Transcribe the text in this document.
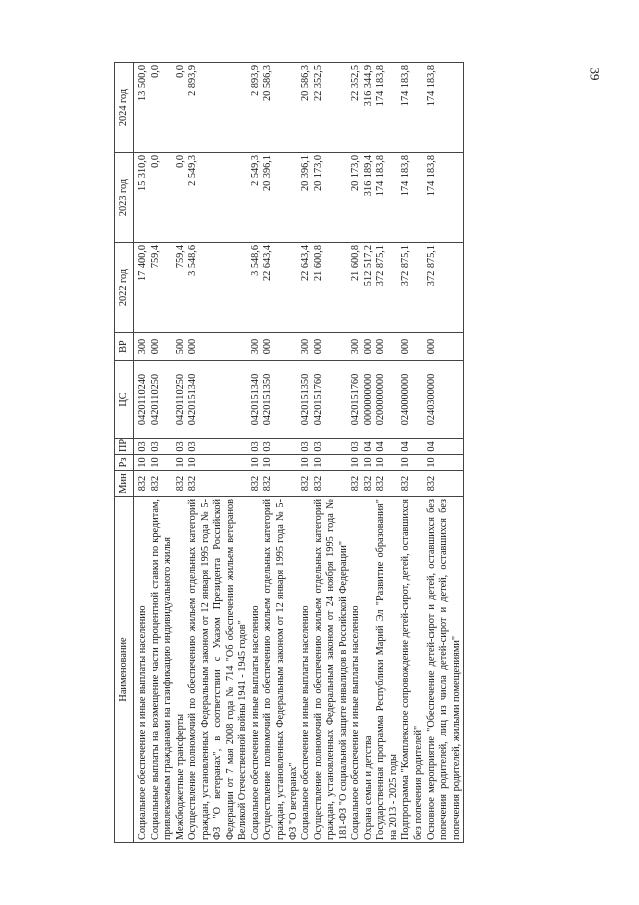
39
Наименование	Мин	Рз	ПР	ЦС	ВР	2022 год	2023 год	2024 год
Социальное обеспечение и иные выплаты населению	832	10	03	0420110240	300	17 400,0	15 310,0	13 500,0
Социальные выплаты на возмещение части процентной ставки по кредитам, привлекаемым гражданами на газификацию индивидуального жилья	832	10	03	0420110250	000	759,4	0,0	0,0
Межбюджетные трансферты	832	10	03	0420110250	500	759,4	0,0	0,0
Осуществление полномочий по обеспечению жильем отдельных категорий граждан, установленных Федеральным законом от 12 января 1995 года № 5-ФЗ "О ветеранах", в соответствии с Указом Президента Российской Федерации от 7 мая 2008 года № 714 "Об обеспечении жильем ветеранов Великой Отечественной войны 1941 - 1945 годов"	832	10	03	0420151340	000	3 548,6	2 549,3	2 893,9
Социальное обеспечение и иные выплаты населению	832	10	03	0420151340	300	3 548,6	2 549,3	2 893,9
Осуществление полномочий по обеспечению жильем отдельных категорий граждан, установленных Федеральным законом от 12 января 1995 года № 5-ФЗ "О ветеранах"	832	10	03	0420151350	000	22 643,4	20 396,1	20 586,3
Социальное обеспечение и иные выплаты населению	832	10	03	0420151350	300	22 643,4	20 396,1	20 586,3
Осуществление полномочий по обеспечению жильем отдельных категорий граждан, установленных Федеральным законом от 24 ноября 1995 года № 181-ФЗ "О социальной защите инвалидов в Российской Федерации"	832	10	03	0420151760	000	21 600,8	20 173,0	22 352,5
Социальное обеспечение и иные выплаты населению	832	10	03	0420151760	300	21 600,8	20 173,0	22 352,5
Охрана семьи и детства	832	10	04	0000000000	000	512 517,2	316 189,4	316 344,9
Государственная программа Республики Марий Эл "Развитие образования" на 2013 - 2025 годы	832	10	04	0200000000	000	372 875,1	174 183,8	174 183,8
Подпрограмма "Комплексное сопровождение детей-сирот, детей, оставшихся без попечения родителей"	832	10	04	0240000000	000	372 875,1	174 183,8	174 183,8
Основное мероприятие "Обеспечение детей-сирот и детей, оставшихся без попечения родителей, лиц из числа детей-сирот и детей, оставшихся без попечения родителей, жилыми помещениями"	832	10	04	0240300000	000	372 875,1	174 183,8	174 183,8
